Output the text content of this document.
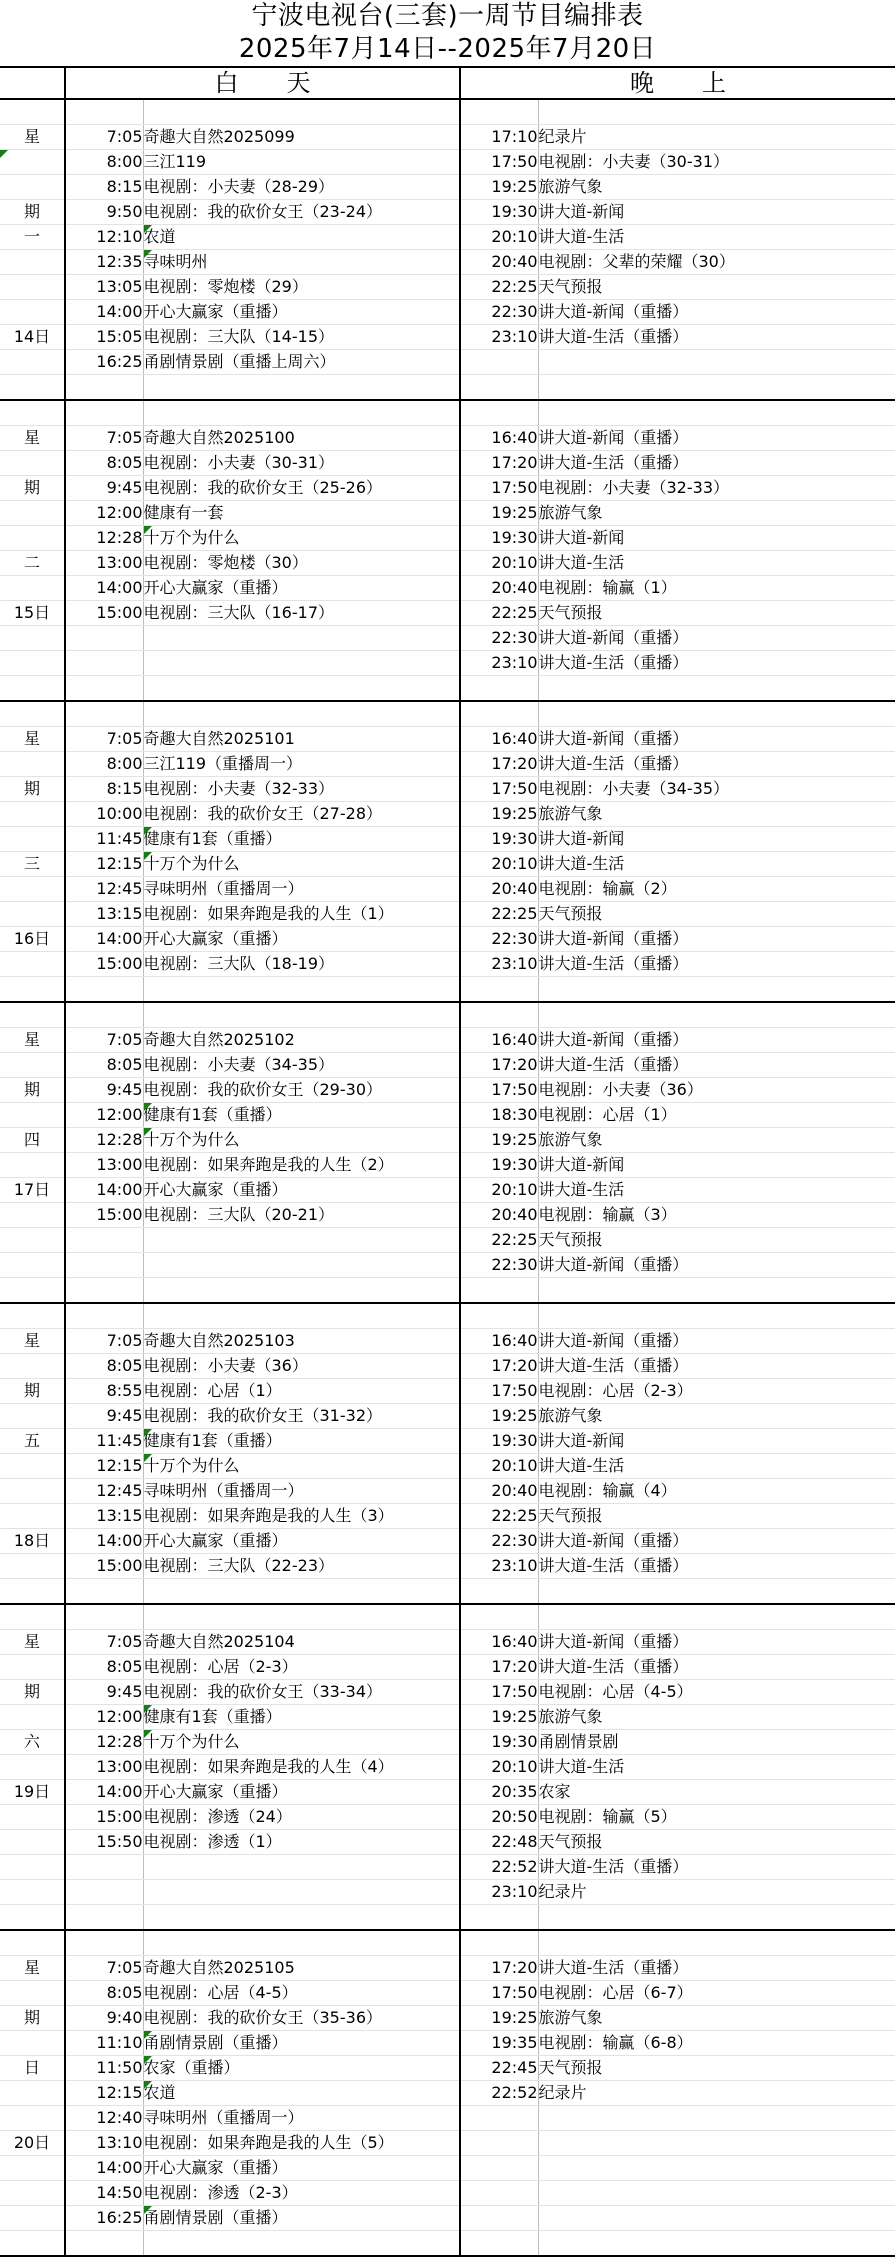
宁波电视台(三套)一周节目编排表
2025年7月14日--2025年7月20日
	白　　天		晚　　上	

星	7:05	奇趣大自然2025099	17:10	纪录片
	8:00	三江119	17:50	电视剧：小夫妻（30-31）
	8:15	电视剧：小夫妻（28-29）	19:25	旅游气象
期	9:50	电视剧：我的砍价女王（23-24）	19:30	讲大道-新闻
一	12:10	农道	20:10	讲大道-生活
	12:35	寻味明州	20:40	电视剧：父辈的荣耀（30）
	13:05	电视剧：零炮楼（29）	22:25	天气预报
	14:00	开心大赢家（重播）	22:30	讲大道-新闻（重播）
14日	15:05	电视剧：三大队（14-15）	23:10	讲大道-生活（重播）
	16:25	甬剧情景剧（重播上周六）		

星	7:05	奇趣大自然2025100	16:40	讲大道-新闻（重播）
	8:05	电视剧：小夫妻（30-31）	17:20	讲大道-生活（重播）
期	9:45	电视剧：我的砍价女王（25-26）	17:50	电视剧：小夫妻（32-33）
	12:00	健康有一套	19:25	旅游气象
	12:28	十万个为什么	19:30	讲大道-新闻
二	13:00	电视剧：零炮楼（30）	20:10	讲大道-生活
	14:00	开心大赢家（重播）	20:40	电视剧：输赢（1）
15日	15:00	电视剧：三大队（16-17）	22:25	天气预报
			22:30	讲大道-新闻（重播）
			23:10	讲大道-生活（重播）

星	7:05	奇趣大自然2025101	16:40	讲大道-新闻（重播）
	8:00	三江119（重播周一）	17:20	讲大道-生活（重播）
期	8:15	电视剧：小夫妻（32-33）	17:50	电视剧：小夫妻（34-35）
	10:00	电视剧：我的砍价女王（27-28）	19:25	旅游气象
	11:45	健康有1套（重播）	19:30	讲大道-新闻
三	12:15	十万个为什么	20:10	讲大道-生活
	12:45	寻味明州（重播周一）	20:40	电视剧：输赢（2）
	13:15	电视剧：如果奔跑是我的人生（1）	22:25	天气预报
16日	14:00	开心大赢家（重播）	22:30	讲大道-新闻（重播）
	15:00	电视剧：三大队（18-19）	23:10	讲大道-生活（重播）

星	7:05	奇趣大自然2025102	16:40	讲大道-新闻（重播）
	8:05	电视剧：小夫妻（34-35）	17:20	讲大道-生活（重播）
期	9:45	电视剧：我的砍价女王（29-30）	17:50	电视剧：小夫妻（36）
	12:00	健康有1套（重播）	18:30	电视剧：心居（1）
四	12:28	十万个为什么	19:25	旅游气象
	13:00	电视剧：如果奔跑是我的人生（2）	19:30	讲大道-新闻
17日	14:00	开心大赢家（重播）	20:10	讲大道-生活
	15:00	电视剧：三大队（20-21）	20:40	电视剧：输赢（3）
			22:25	天气预报
			22:30	讲大道-新闻（重播）

星	7:05	奇趣大自然2025103	16:40	讲大道-新闻（重播）
	8:05	电视剧：小夫妻（36）	17:20	讲大道-生活（重播）
期	8:55	电视剧：心居（1）	17:50	电视剧：心居（2-3）
	9:45	电视剧：我的砍价女王（31-32）	19:25	旅游气象
五	11:45	健康有1套（重播）	19:30	讲大道-新闻
	12:15	十万个为什么	20:10	讲大道-生活
	12:45	寻味明州（重播周一）	20:40	电视剧：输赢（4）
	13:15	电视剧：如果奔跑是我的人生（3）	22:25	天气预报
18日	14:00	开心大赢家（重播）	22:30	讲大道-新闻（重播）
	15:00	电视剧：三大队（22-23）	23:10	讲大道-生活（重播）

星	7:05	奇趣大自然2025104	16:40	讲大道-新闻（重播）
	8:05	电视剧：心居（2-3）	17:20	讲大道-生活（重播）
期	9:45	电视剧：我的砍价女王（33-34）	17:50	电视剧：心居（4-5）
	12:00	健康有1套（重播）	19:25	旅游气象
六	12:28	十万个为什么	19:30	甬剧情景剧
	13:00	电视剧：如果奔跑是我的人生（4）	20:10	讲大道-生活
19日	14:00	开心大赢家（重播）	20:35	农家
	15:00	电视剧：渗透（24）	20:50	电视剧：输赢（5）
	15:50	电视剧：渗透（1）	22:48	天气预报
			22:52	讲大道-生活（重播）
			23:10	纪录片

星	7:05	奇趣大自然2025105	17:20	讲大道-生活（重播）
	8:05	电视剧：心居（4-5）	17:50	电视剧：心居（6-7）
期	9:40	电视剧：我的砍价女王（35-36）	19:25	旅游气象
	11:10	甬剧情景剧（重播）	19:35	电视剧：输赢（6-8）
日	11:50	农家（重播）	22:45	天气预报
	12:15	农道	22:52	纪录片
	12:40	寻味明州（重播周一）		
20日	13:10	电视剧：如果奔跑是我的人生（5）		
	14:00	开心大赢家（重播）		
	14:50	电视剧：渗透（2-3）		
	16:25	甬剧情景剧（重播）		
